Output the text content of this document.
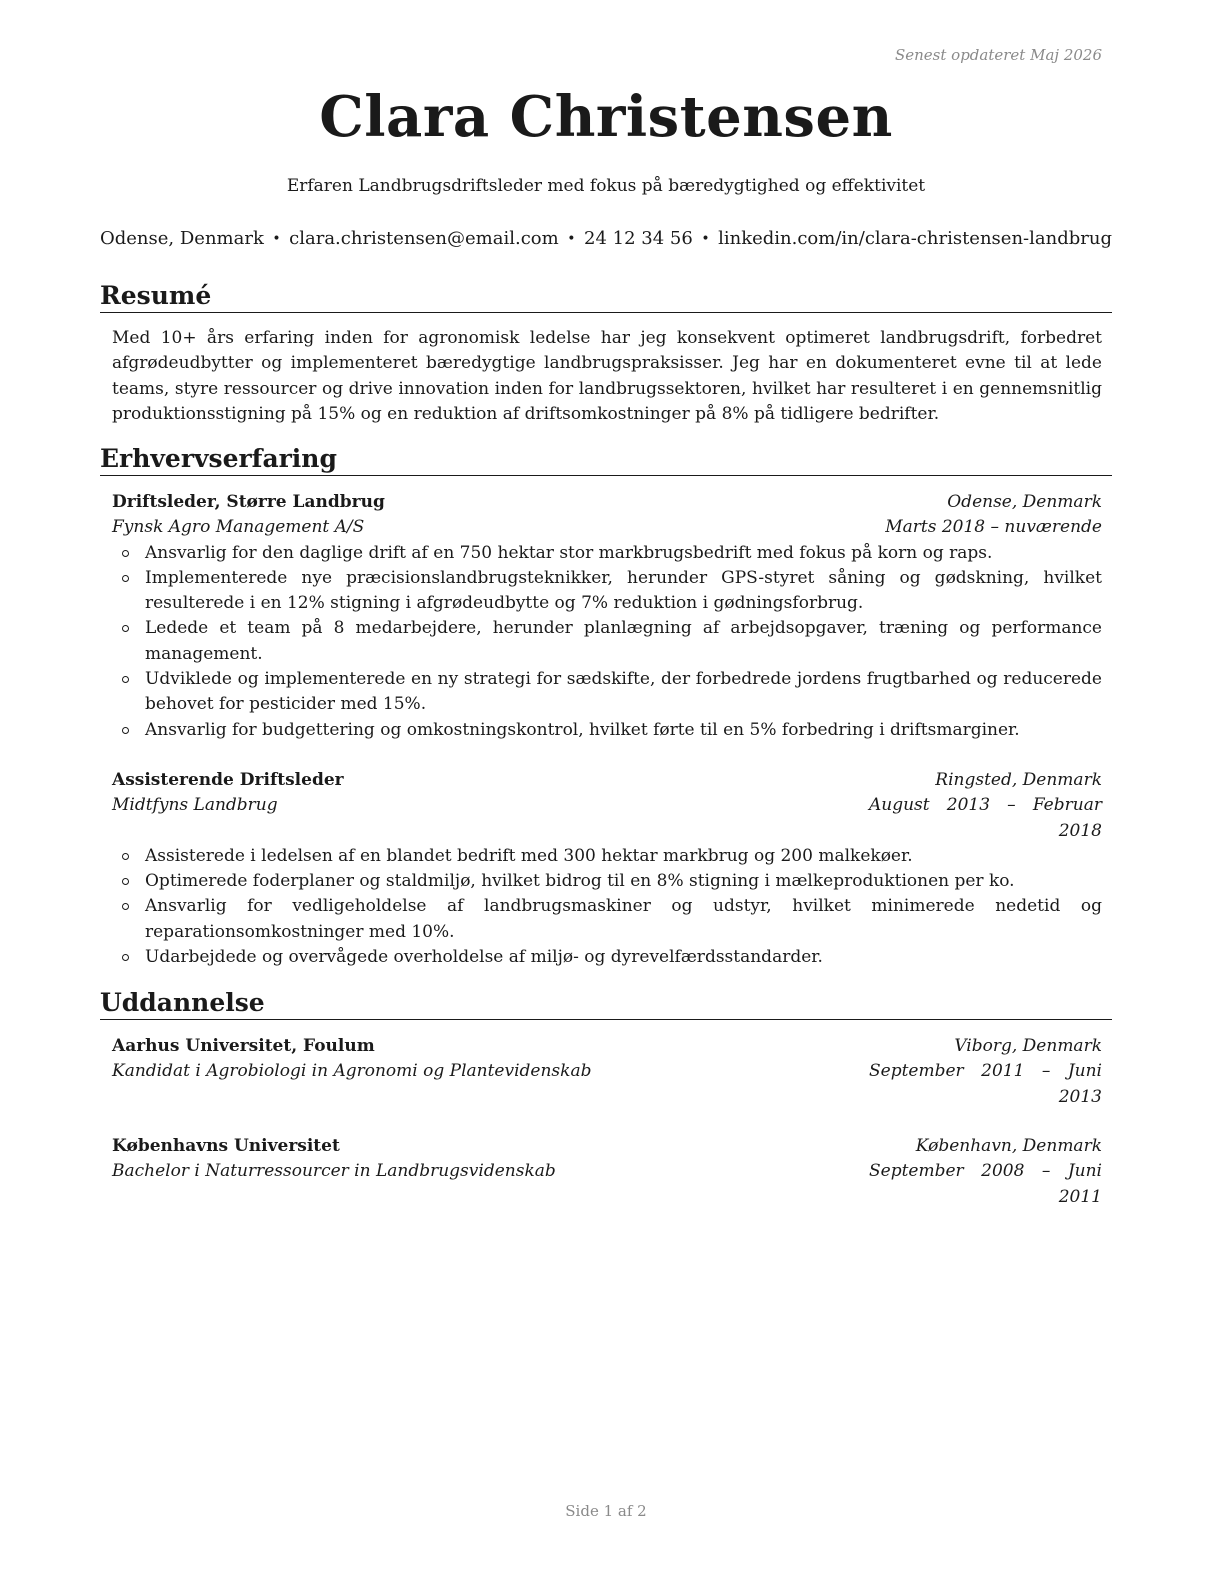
Senest opdateret Maj 2026
Clara Christensen
Erfaren Landbrugsdriftsleder med fokus på bæredygtighed og effektivitet
Odense, Denmark • clara.christensen@email.com • 24 12 34 56 • linkedin.com/in/clara-christensen-landbrug
Resumé

Med 10+ års erfaring inden for agronomisk ledelse har jeg konsekvent optimeret landbrugsdrift, forbedret afgrødeudbytter og implementeret bæredygtige landbrugspraksisser. Jeg har en dokumenteret evne til at lede teams, styre ressourcer og drive innovation inden for landbrugssektoren, hvilket har resulteret i en gennemsnitlig produktionsstigning på 15% og en reduktion af driftsomkostninger på 8% på tidligere bedrifter.

Erhvervserfaring
Driftsleder, Større Landbrug	Odense, Denmark
Fynsk Agro Management A/S	Marts 2018 – nuværende
Ansvarlig for den daglige drift af en 750 hektar stor markbrugsbedrift med fokus på korn og raps.
Implementerede nye præcisionslandbrugsteknikker, herunder GPS-styret såning og gødskning, hvilket resulterede i en 12% stigning i afgrødeudbytte og 7% reduktion i gødningsforbrug.
Ledede et team på 8 medarbejdere, herunder planlægning af arbejdsopgaver, træning og performance management.
Udviklede og implementerede en ny strategi for sædskifte, der forbedrede jordens frugtbarhed og reducerede behovet for pesticider med 15%.
Ansvarlig for budgettering og omkostningskontrol, hvilket førte til en 5% forbedring i driftsmarginer.
Assisterende Driftsleder	Ringsted, Denmark
Midtfyns Landbrug	August 2013 – Februar
2018
Assisterede i ledelsen af en blandet bedrift med 300 hektar markbrug og 200 malkekøer.
Optimerede foderplaner og staldmiljø, hvilket bidrog til en 8% stigning i mælkeproduktionen per ko.
Ansvarlig for vedligeholdelse af landbrugsmaskiner og udstyr, hvilket minimerede nedetid og reparationsomkostninger med 10%.
Udarbejdede og overvågede overholdelse af miljø- og dyrevelfærdsstandarder.
Uddannelse
Aarhus Universitet, Foulum	Viborg, Denmark
Kandidat i Agrobiologi in Agronomi og Plantevidenskab	September 2011 – Juni
2013
Københavns Universitet	København, Denmark
Bachelor i Naturressourcer in Landbrugsvidenskab	September 2008 – Juni
2011
Side 1 af 2
